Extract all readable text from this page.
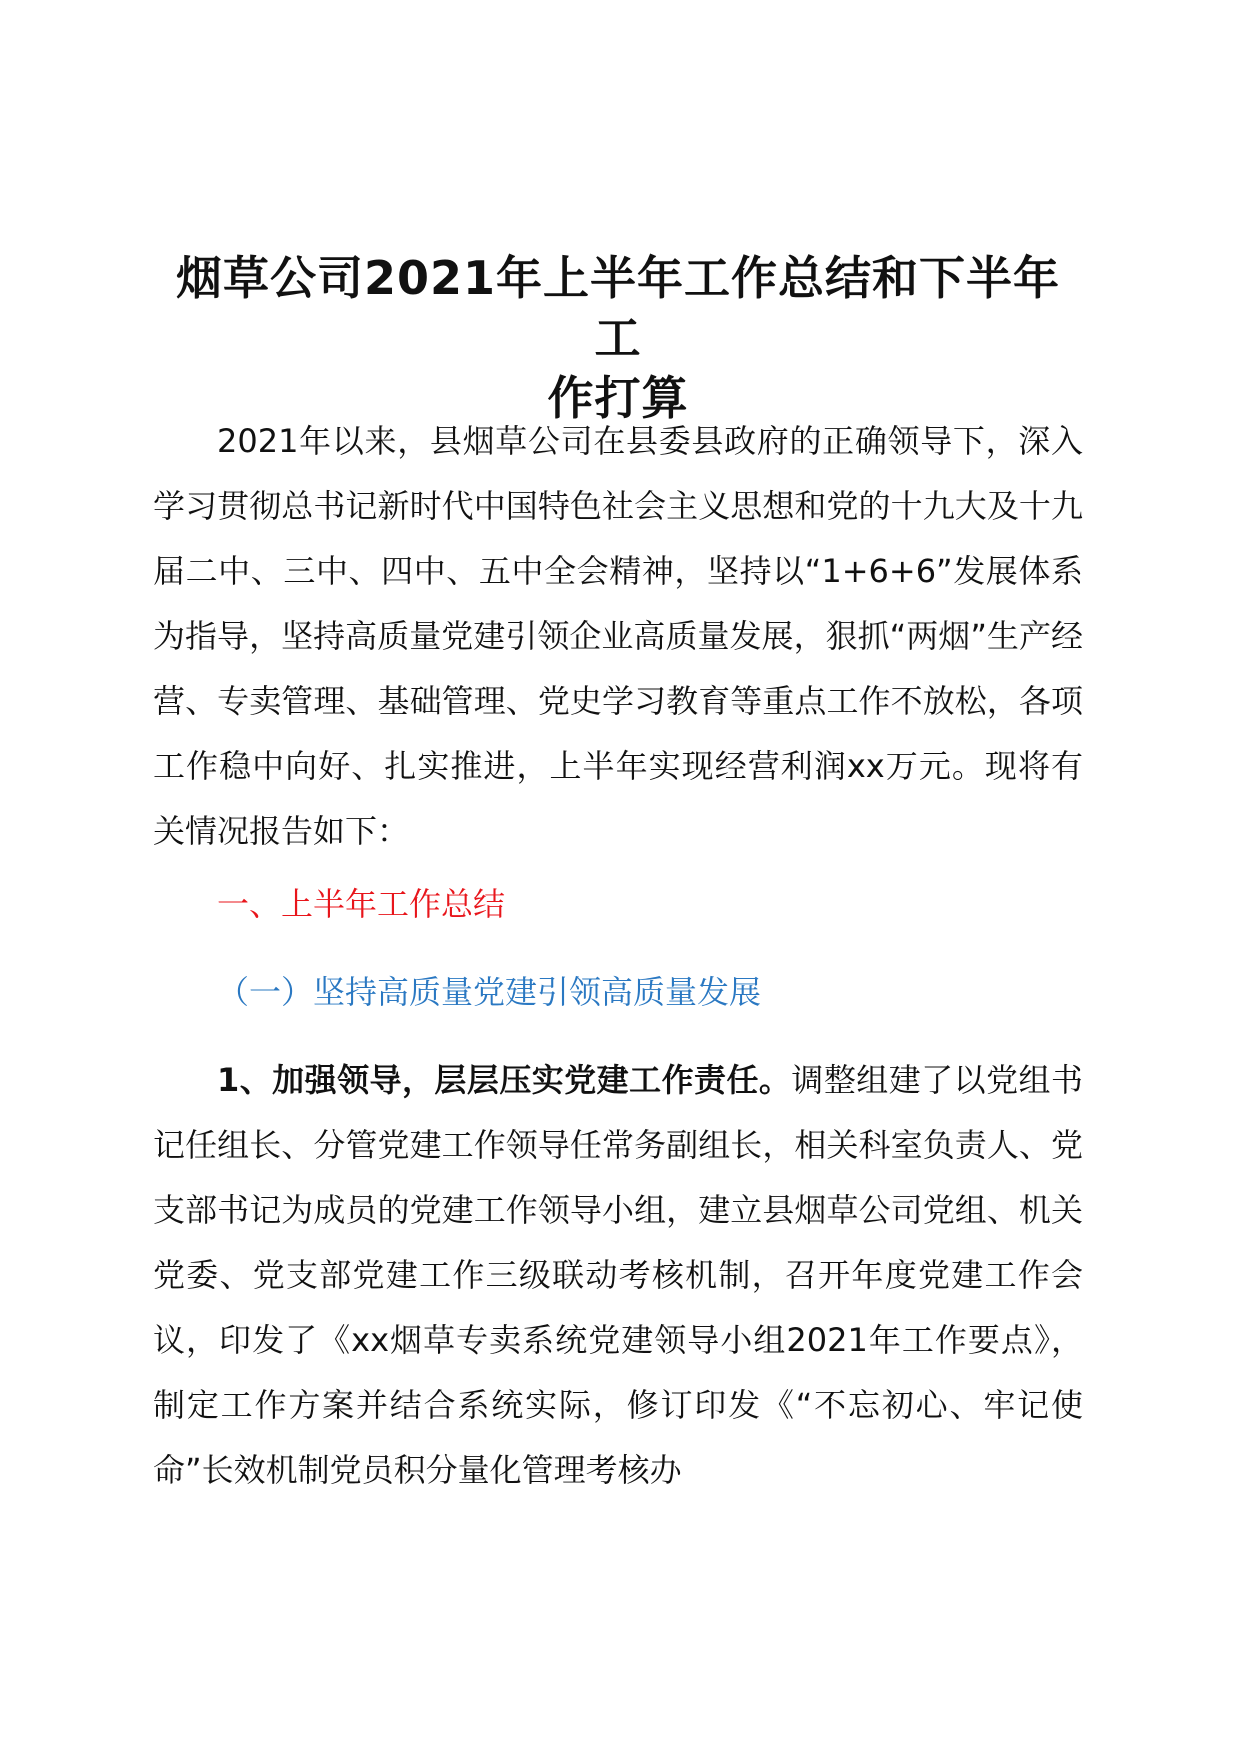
烟草公司2021年上半年工作总结和下半年工
作打算

2021年以来，县烟草公司在县委县政府的正确领导下，深入学习贯彻总书记新时代中国特色社会主义思想和党的十九大及十九届二中、三中、四中、五中全会精神，坚持以“1+6+6”发展体系为指导，坚持高质量党建引领企业高质量发展，狠抓“两烟”生产经营、专卖管理、基础管理、党史学习教育等重点工作不放松，各项工作稳中向好、扎实推进，上半年实现经营利润xx万元。现将有关情况报告如下：

一、上半年工作总结
（一）坚持高质量党建引领高质量发展

1、加强领导，层层压实党建工作责任。调整组建了以党组书记任组长、分管党建工作领导任常务副组长，相关科室负责人、党支部书记为成员的党建工作领导小组，建立县烟草公司党组、机关党委、党支部党建工作三级联动考核机制，召开年度党建工作会议，印发了《xx烟草专卖系统党建领导小组2021年工作要点》，制定工作方案并结合系统实际，修订印发《“不忘初心、牢记使命”长效机制党员积分量化管理考核办
